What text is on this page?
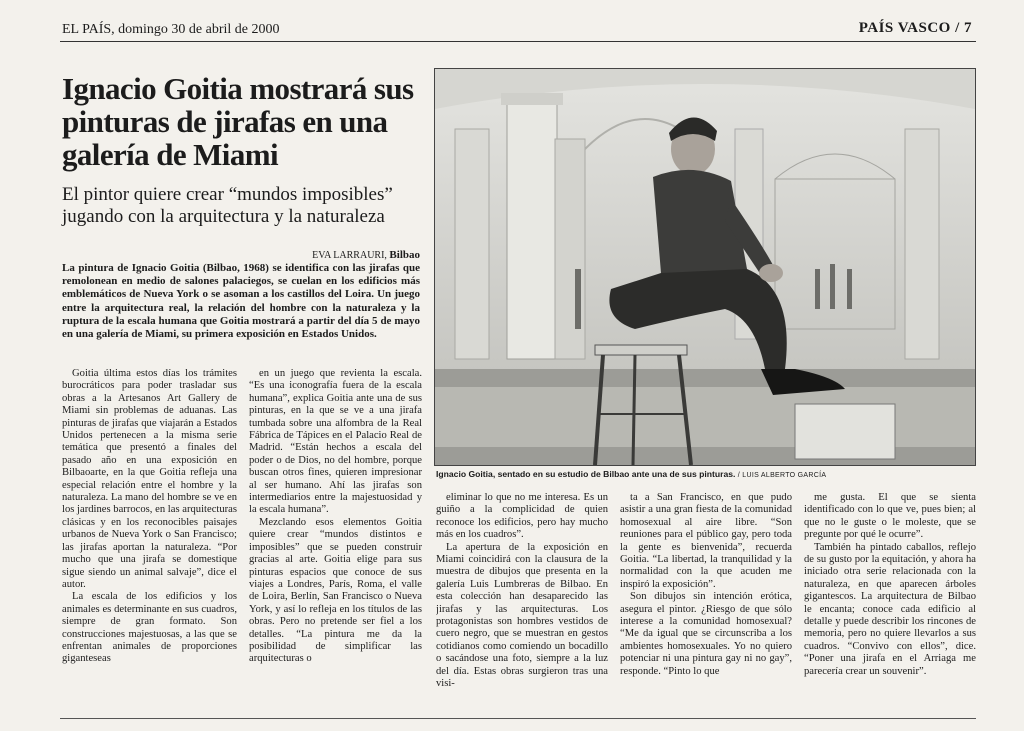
EL PAÍS, domingo 30 de abril de 2000	PAÍS VASCO / 7
Ignacio Goitia mostrará sus pinturas de jirafas en una galería de Miami

El pintor quiere crear “mundos imposibles” jugando con la arquitectura y la naturaleza

EVA LARRAURI, Bilbao
La pintura de Ignacio Goitia (Bilbao, 1968) se identifica con las jirafas que remolonean en medio de salones palaciegos, se cuelan en los edificios más emblemáticos de Nueva York o se asoman a los castillos del Loira. Un juego entre la arquitectura real, la relación del hombre con la naturaleza y la ruptura de la escala humana que Goitia mostrará a partir del día 5 de mayo en una galería de Miami, su primera exposición en Estados Unidos.

Goitia última estos días los trámites burocráticos para poder trasladar sus obras a la Artesanos Art Gallery de Miami sin problemas de aduanas. Las pinturas de jirafas que viajarán a Estados Unidos pertenecen a la misma serie temática que presentó a finales del pasado año en una exposición en Bilbaoarte, en la que Goitia refleja una especial relación entre el hombre y la naturaleza. La mano del hombre se ve en los jardines barrocos, en las arquitecturas clásicas y en los reconocibles paisajes urbanos de Nueva York o San Francisco; las jirafas aportan la naturaleza. “Por mucho que una jirafa se domestique sigue siendo un animal salvaje”, dice el autor.

La escala de los edificios y los animales es determinante en sus cuadros, siempre de gran formato. Son construcciones majestuosas, a las que se enfrentan animales de proporciones giganteseas

en un juego que revienta la escala. “Es una iconografía fuera de la escala humana”, explica Goitia ante una de sus pinturas, en la que se ve a una jirafa tumbada sobre una alfombra de la Real Fábrica de Tápices en el Palacio Real de Madrid. “Están hechos a escala del poder o de Dios, no del hombre, porque buscan otros fines, quieren impresionar al ser humano. Ahí las jirafas son intermediarios entre la majestuosidad y la escala humana”.

Mezclando esos elementos Goitia quiere crear “mundos distintos e imposibles” que se pueden construir gracias al arte. Goitia elige para sus pinturas espacios que conoce de sus viajes a Londres, París, Roma, el valle de Loira, Berlín, San Francisco o Nueva York, y así lo refleja en los títulos de las obras. Pero no pretende ser fiel a los detalles. “La pintura me da la posibilidad de simplificar las arquitecturas o

eliminar lo que no me interesa. Es un guiño a la complicidad de quien reconoce los edificios, pero hay mucho más en los cuadros”.

La apertura de la exposición en Miami coincidirá con la clausura de la muestra de dibujos que presenta en la galería Luis Lumbreras de Bilbao. En esta colección han desaparecido las jirafas y las arquitecturas. Los protagonistas son hombres vestidos de cuero negro, que se muestran en gestos cotidianos como comiendo un bocadillo o sacándose una foto, siempre a la luz del día. Estas obras surgieron tras una visi-

ta a San Francisco, en que pudo asistir a una gran fiesta de la comunidad homosexual al aire libre. “Son reuniones para el público gay, pero toda la gente es bienvenida”, recuerda Goitia. “La libertad, la tranquilidad y la normalidad con la que acuden me inspiró la exposición”.

Son dibujos sin intención erótica, asegura el pintor. ¿Riesgo de que sólo interese a la comunidad homosexual? “Me da igual que se circunscriba a los ambientes homosexuales. Yo no quiero potenciar ni una pintura gay ni no gay”, responde. “Pinto lo que

me gusta. El que se sienta identificado con lo que ve, pues bien; al que no le guste o le moleste, que se pregunte por qué le ocurre”.

También ha pintado caballos, reflejo de su gusto por la equitación, y ahora ha iniciado otra serie relacionada con la naturaleza, en que aparecen árboles gigantescos. La arquitectura de Bilbao le encanta; conoce cada edificio al detalle y puede describir los rincones de memoria, pero no quiere llevarlos a sus cuadros. “Convivo con ellos”, dice. “Poner una jirafa en el Arriaga me parecería crear un souvenir”.

Ignacio Goitia, sentado en su estudio de Bilbao ante una de sus pinturas. / LUIS ALBERTO GARCÍA
